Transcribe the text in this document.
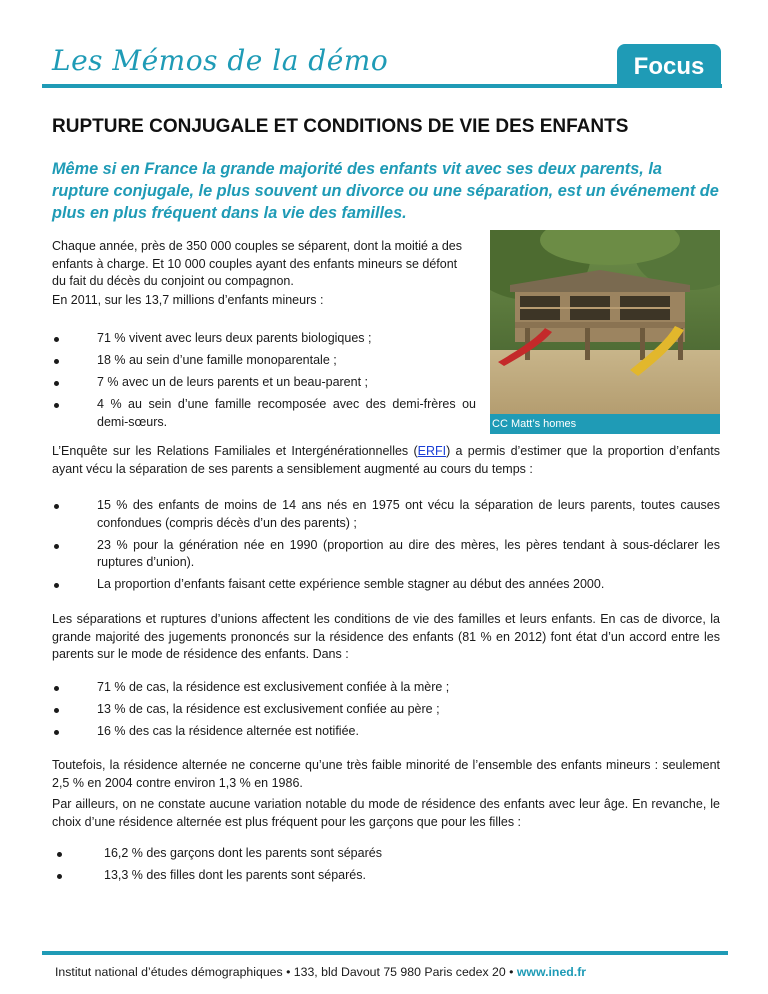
Les Mémos de la démo	Focus
RUPTURE CONJUGALE ET CONDITIONS DE VIE DES ENFANTS

Même si en France la grande majorité des enfants vit avec ses deux parents, la rupture conjugale, le plus souvent un divorce ou une séparation, est un événement de plus en plus fréquent dans la vie des familles.

Chaque année, près de 350 000 couples se séparent, dont la moitié a des
enfants à charge. Et 10 000 couples ayant des enfants mineurs se défont
du fait du décès du conjoint ou compagnon.

En 2011, sur les 13,7 millions d’enfants mineurs :

71 % vivent avec leurs deux parents biologiques ;
18 % au sein d’une famille monoparentale ;
7 % avec un de leurs parents et un beau-parent ;
4 % au sein d’une famille recomposée avec des demi-frères ou demi-sœurs.	CC Matt’s homes

L’Enquête sur les Relations Familiales et Intergénérationnelles (ERFI) a permis d’estimer que la proportion d’enfants ayant vécu la séparation de ses parents a sensiblement augmenté au cours du temps :

15 % des enfants de moins de 14 ans nés en 1975 ont vécu la séparation de leurs parents, toutes causes confondues (compris décès d’un des parents) ;
23 % pour la génération née en 1990 (proportion au dire des mères, les pères tendant à sous-déclarer les ruptures d’union).
La proportion d’enfants faisant cette expérience semble stagner au début des années 2000.

Les séparations et ruptures d’unions affectent les conditions de vie des familles et leurs enfants. En cas de divorce, la grande majorité des jugements prononcés sur la résidence des enfants (81 % en 2012) font état d’un accord entre les parents sur le mode de résidence des enfants. Dans :

71 % de cas, la résidence est exclusivement confiée à la mère ;
13 % de cas, la résidence est exclusivement confiée au père ;
16 % des cas la résidence alternée est notifiée.

Toutefois, la résidence alternée ne concerne qu’une très faible minorité de l’ensemble des enfants mineurs : seulement 2,5 % en 2004 contre environ 1,3 % en 1986.

Par ailleurs, on ne constate aucune variation notable du mode de résidence des enfants avec leur âge. En revanche, le choix d’une résidence alternée est plus fréquent pour les garçons que pour les filles :

16,2 % des garçons dont les parents sont séparés
13,3 % des filles dont les parents sont séparés.
Institut national d’études démographiques • 133, bld Davout 75 980 Paris cedex 20 • www.ined.fr
